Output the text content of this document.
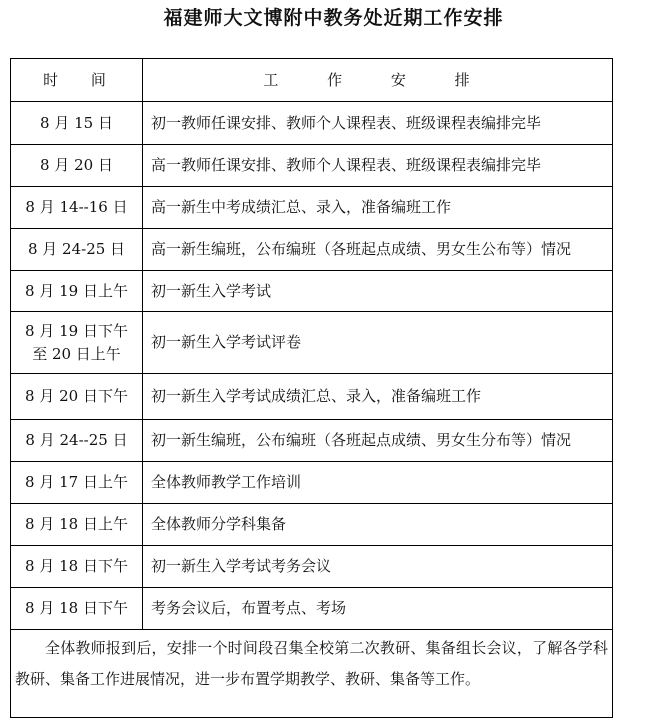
福建师大文博附中教务处近期工作安排
时 间	工 作 安 排

8 月 15 日	初一教师任课安排、教师个人课程表、班级课程表编排完毕

8 月 20 日	高一教师任课安排、教师个人课程表、班级课程表编排完毕

8 月 14--16 日	高一新生中考成绩汇总、录入，准备编班工作

8 月 24-25 日	高一新生编班，公布编班（各班起点成绩、男女生公布等）情况

8 月 19 日上午	初一新生入学考试

8 月 19 日下午
至 20 日上午	初一新生入学考试评卷

8 月 20 日下午	初一新生入学考试成绩汇总、录入，准备编班工作

8 月 24--25 日	初一新生编班，公布编班（各班起点成绩、男女生分布等）情况

8 月 17 日上午	全体教师教学工作培训

8 月 18 日上午	全体教师分学科集备

8 月 18 日下午	初一新生入学考试考务会议

8 月 18 日下午	考务会议后，布置考点、考场
全体教师报到后，安排一个时间段召集全校第二次教研、集备组长会议，了解各学科教研、集备工作进展情况，进一步布置学期教学、教研、集备等工作。	
